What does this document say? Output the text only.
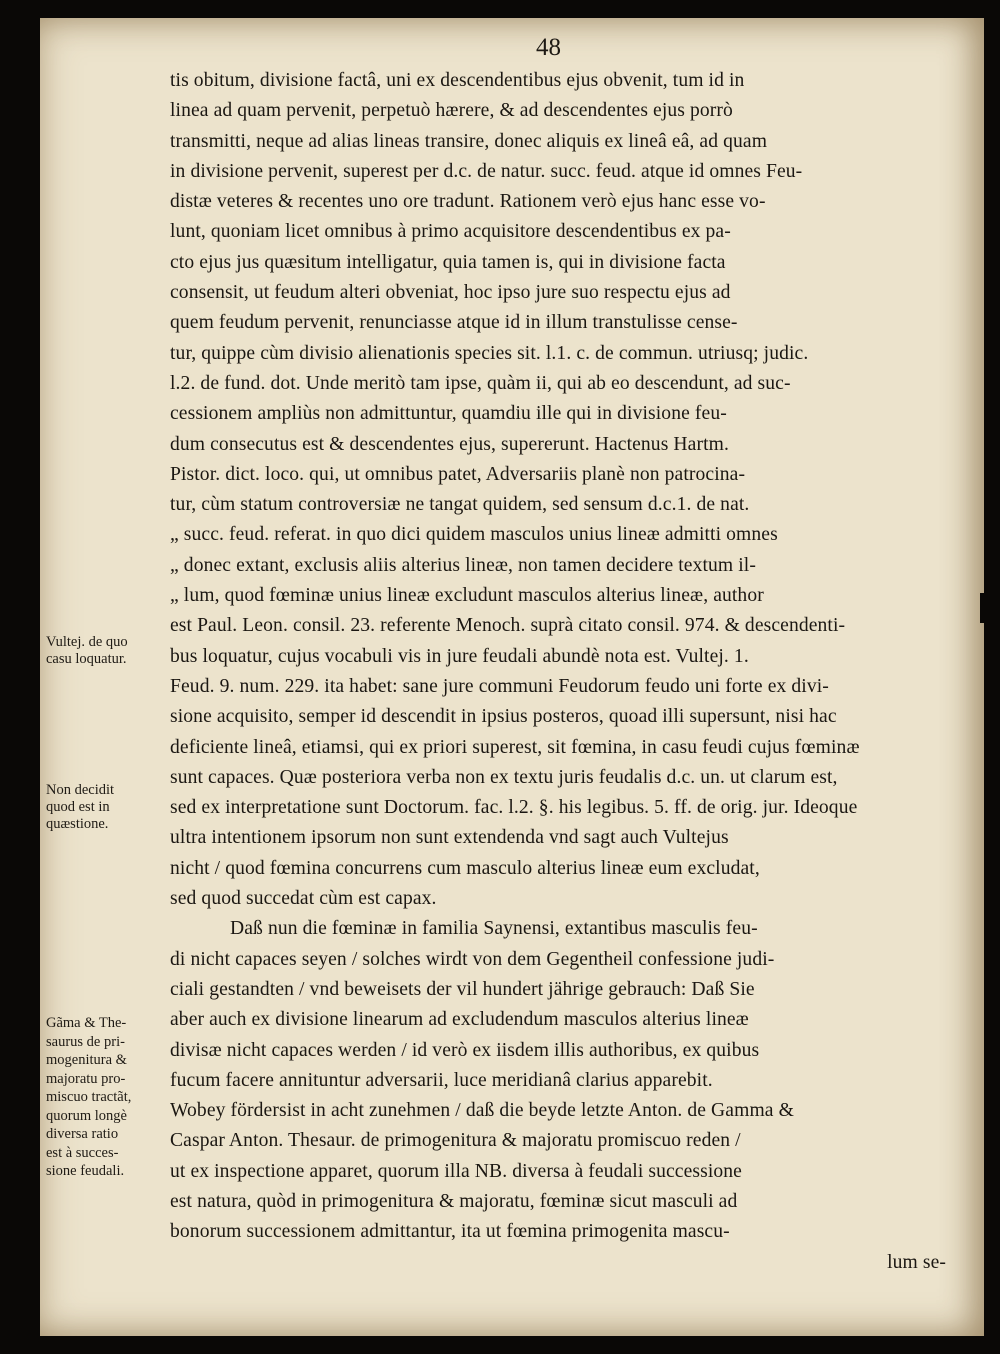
48
Vultej. de quo
casu loquatur.
Non decidit
quod est in
quæstione.
Gãma & The-
saurus de pri-
mogenitura &
majoratu pro-
miscuo tractãt,
quorum longè
diversa ratio
est à succes-
sione feudali.
tis obitum, divisione factâ, uni ex descendentibus ejus obvenit, tum id in
linea ad quam pervenit, perpetuò hærere, & ad descendentes ejus porrò
transmitti, neque ad alias lineas transire, donec aliquis ex lineâ eâ, ad quam
in divisione pervenit, superest per d.c. de natur. succ. feud. atque id omnes Feu-
distæ veteres & recentes uno ore tradunt. Rationem verò ejus hanc esse vo-
lunt, quoniam licet omnibus à primo acquisitore descendentibus ex pa-
cto ejus jus quæsitum intelligatur, quia tamen is, qui in divisione facta
consensit, ut feudum alteri obveniat, hoc ipso jure suo respectu ejus ad
quem feudum pervenit, renunciasse atque id in illum transtulisse cense-
tur, quippe cùm divisio alienationis species sit. l.1. c. de commun. utriusq; judic.
l.2. de fund. dot. Unde meritò tam ipse, quàm ii, qui ab eo descendunt, ad suc-
cessionem ampliùs non admittuntur, quamdiu ille qui in divisione feu-
dum consecutus est & descendentes ejus, supererunt. Hactenus Hartm.
Pistor. dict. loco. qui, ut omnibus patet, Adversariis planè non patrocina-
tur, cùm statum controversiæ ne tangat quidem, sed sensum d.c.1. de nat.
„ succ. feud. referat. in quo dici quidem masculos unius lineæ admitti omnes
„ donec extant, exclusis aliis alterius lineæ, non tamen decidere textum il-
„ lum, quod fœminæ unius lineæ excludunt masculos alterius lineæ, author
est Paul. Leon. consil. 23. referente Menoch. suprà citato consil. 974. & descendenti-
bus loquatur, cujus vocabuli vis in jure feudali abundè nota est. Vultej. 1.
Feud. 9. num. 229. ita habet: sane jure communi Feudorum feudo uni forte ex divi-
sione acquisito, semper id descendit in ipsius posteros, quoad illi supersunt, nisi hac
deficiente lineâ, etiamsi, qui ex priori superest, sit fœmina, in casu feudi cujus fœminæ
sunt capaces. Quæ posteriora verba non ex textu juris feudalis d.c. un. ut clarum est,
sed ex interpretatione sunt Doctorum. fac. l.2. §. his legibus. 5. ff. de orig. jur. Ideoque
ultra intentionem ipsorum non sunt extendenda vnd sagt auch Vultejus
nicht / quod fœmina concurrens cum masculo alterius lineæ eum excludat,
sed quod succedat cùm est capax.
Daß nun die fœminæ in familia Saynensi, extantibus masculis feu-
di nicht capaces seyen / solches wirdt von dem Gegentheil confessione judi-
ciali gestandten / vnd beweisets der vil hundert jährige gebrauch: Daß Sie
aber auch ex divisione linearum ad excludendum masculos alterius lineæ
divisæ nicht capaces werden / id verò ex iisdem illis authoribus, ex quibus
fucum facere annituntur adversarii, luce meridianâ clarius apparebit.
Wobey fördersist in acht zunehmen / daß die beyde letzte Anton. de Gamma &
Caspar Anton. Thesaur. de primogenitura & majoratu promiscuo reden /
ut ex inspectione apparet, quorum illa NB. diversa à feudali successione
est natura, quòd in primogenitura & majoratu, fœminæ sicut masculi ad
bonorum successionem admittantur, ita ut fœmina primogenita mascu-
lum se-
